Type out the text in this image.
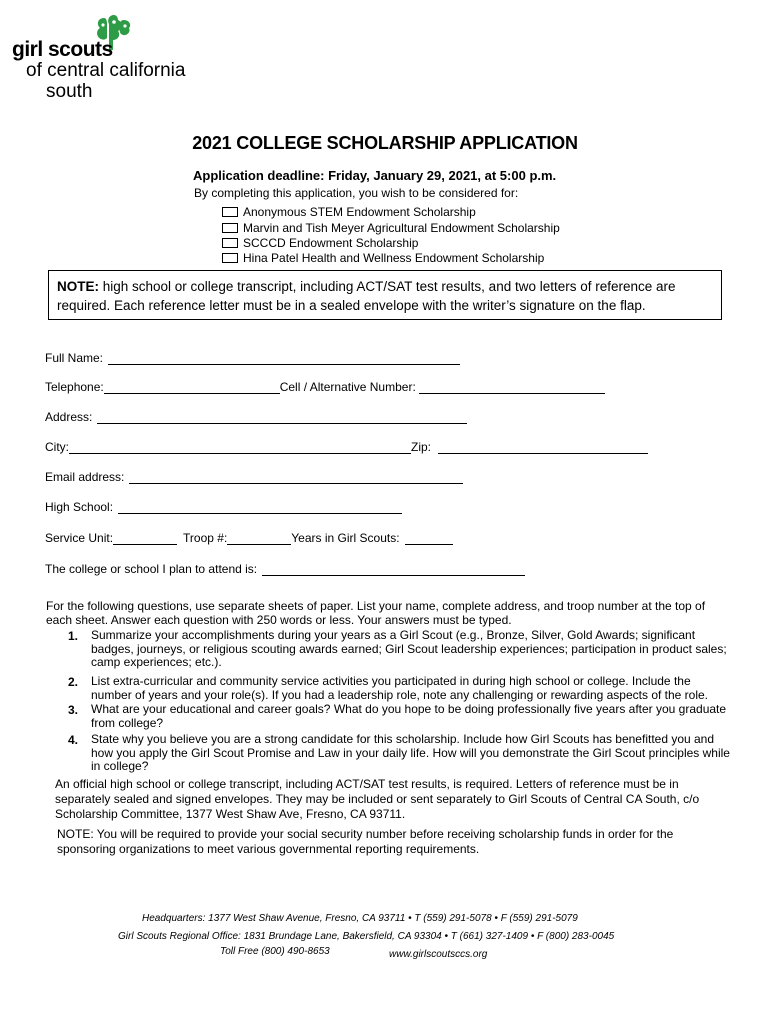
girl scouts
of central california
south
2021 COLLEGE SCHOLARSHIP APPLICATION
Application deadline: Friday, January 29, 2021, at 5:00 p.m.
By completing this application, you wish to be considered for:
Anonymous STEM Endowment Scholarship
Marvin and Tish Meyer Agricultural Endowment Scholarship
SCCCD Endowment Scholarship
Hina Patel Health and Wellness Endowment Scholarship
NOTE: high school or college transcript, including ACT/SAT test results, and two letters of reference are required. Each reference letter must be in a sealed envelope with the writer’s signature on the flap.
Full Name:
Telephone:	Cell / Alternative Number:
Address:
City:	Zip:
Email address:
High School:
Service Unit:	Troop #:	Years in Girl Scouts:
The college or school I plan to attend is:
For the following questions, use separate sheets of paper. List your name, complete address, and troop number at the top of each sheet. Answer each question with 250 words or less. Your answers must be typed.
1. Summarize your accomplishments during your years as a Girl Scout (e.g., Bronze, Silver, Gold Awards; significant badges, journeys, or religious scouting awards earned; Girl Scout leadership experiences; participation in product sales; camp experiences; etc.).
2. List extra-curricular and community service activities you participated in during high school or college. Include the number of years and your role(s). If you had a leadership role, note any challenging or rewarding aspects of the role.
3. What are your educational and career goals? What do you hope to be doing professionally five years after you graduate from college?
4. State why you believe you are a strong candidate for this scholarship. Include how Girl Scouts has benefitted you and how you apply the Girl Scout Promise and Law in your daily life. How will you demonstrate the Girl Scout principles while in college?
An official high school or college transcript, including ACT/SAT test results, is required. Letters of reference must be in separately sealed and signed envelopes. They may be included or sent separately to Girl Scouts of Central CA South, c/o Scholarship Committee, 1377 West Shaw Ave, Fresno, CA 93711.
NOTE: You will be required to provide your social security number before receiving scholarship funds in order for the sponsoring organizations to meet various governmental reporting requirements.
Headquarters: 1377 West Shaw Avenue, Fresno, CA 93711 • T (559) 291-5078 • F (559) 291-5079
Girl Scouts Regional Office: 1831 Brundage Lane, Bakersfield, CA 93304 • T (661) 327-1409 • F (800) 283-0045
Toll Free (800) 490-8653	www.girlscoutsccs.org
